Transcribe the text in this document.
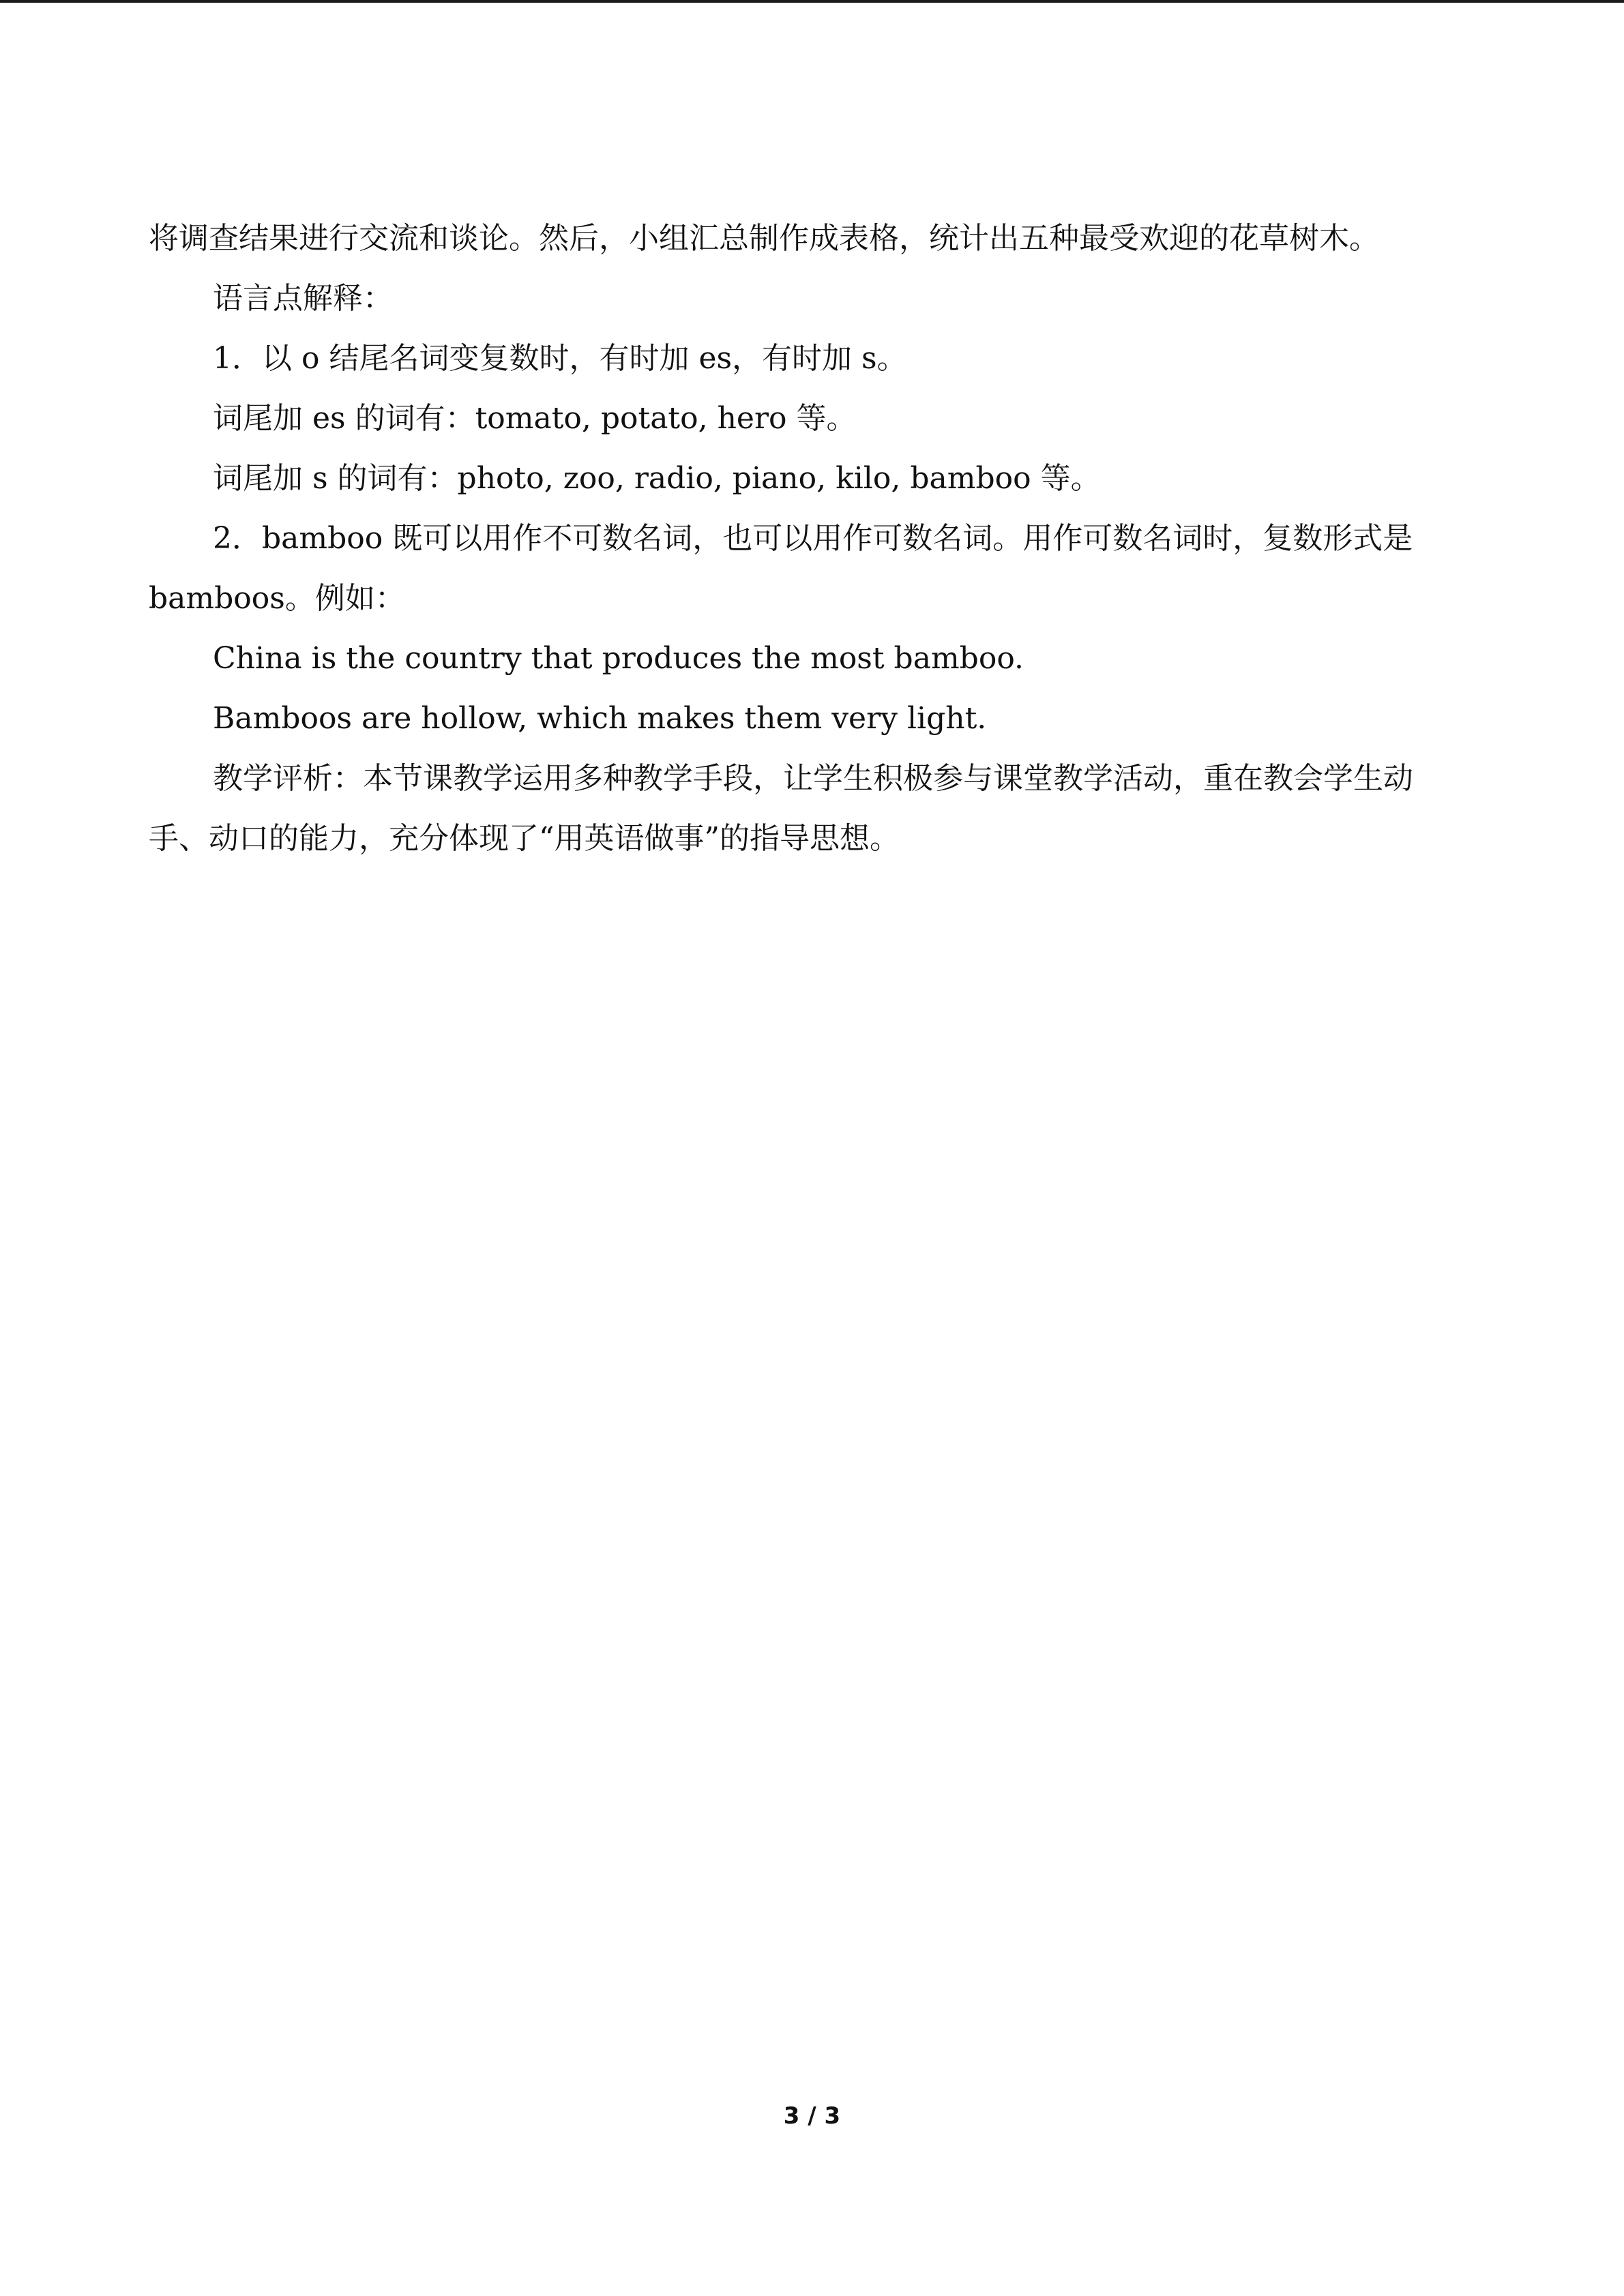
将调查结果进行交流和谈论。然后，小组汇总制作成表格，统计出五种最受欢迎的花草树木。

语言点解释：

1．以 o 结尾名词变复数时，有时加 es，有时加 s。

词尾加 es 的词有：tomato, potato, hero 等。

词尾加 s 的词有：photo, zoo, radio, piano, kilo, bamboo 等。

2．bamboo 既可以用作不可数名词，也可以用作可数名词。用作可数名词时，复数形式是 bamboos。例如：

China is the country that produces the most bamboo.

Bamboos are hollow, which makes them very light.

教学评析：本节课教学运用多种教学手段，让学生积极参与课堂教学活动，重在教会学生动手、动口的能力，充分体现了“用英语做事”的指导思想。

3 / 3
